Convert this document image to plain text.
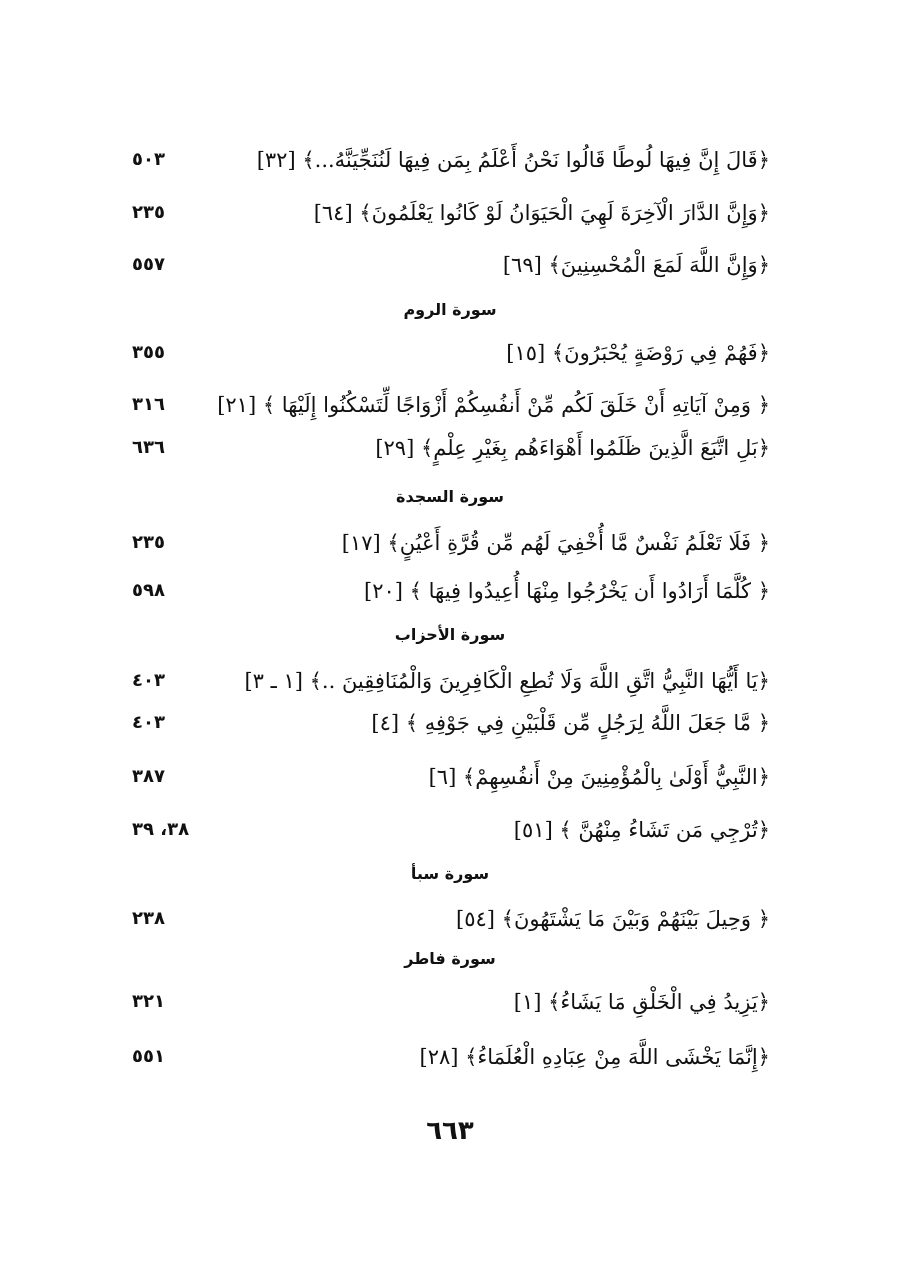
٦٦٣
﴿قَالَ إِنَّ فِيهَا لُوطًا قَالُوا نَحْنُ أَعْلَمُ بِمَن فِيهَا لَنُنَجِّيَنَّهُ...﴾ [٣٢]
٥٠٣
﴿وَإِنَّ الدَّارَ الْآخِرَةَ لَهِيَ الْحَيَوَانُ لَوْ كَانُوا يَعْلَمُونَ﴾ [٦٤]
٢٣٥
﴿وَإِنَّ اللَّهَ لَمَعَ الْمُحْسِنِينَ﴾ [٦٩]
٥٥٧
سورة الروم
﴿فَهُمْ فِي رَوْضَةٍ يُحْبَرُونَ﴾ [١٥]
٣٥٥
﴿ وَمِنْ آيَاتِهِ أَنْ خَلَقَ لَكُم مِّنْ أَنفُسِكُمْ أَزْوَاجًا لِّتَسْكُنُوا إِلَيْهَا ﴾ [٢١]
٣١٦
﴿بَلِ اتَّبَعَ الَّذِينَ ظَلَمُوا أَهْوَاءَهُم بِغَيْرِ عِلْمٍ﴾ [٢٩]
٦٣٦
سورة السجدة
﴿ فَلَا تَعْلَمُ نَفْسٌ مَّا أُخْفِيَ لَهُم مِّن قُرَّةِ أَعْيُنٍ﴾ [١٧]
٢٣٥
﴿ كُلَّمَا أَرَادُوا أَن يَخْرُجُوا مِنْهَا أُعِيدُوا فِيهَا ﴾ [٢٠]
٥٩٨
سورة الأحزاب
﴿يَا أَيُّهَا النَّبِيُّ اتَّقِ اللَّهَ وَلَا تُطِعِ الْكَافِرِينَ وَالْمُنَافِقِينَ ..﴾ [١ ـ ٣]
٤٠٣
﴿ مَّا جَعَلَ اللَّهُ لِرَجُلٍ مِّن قَلْبَيْنِ فِي جَوْفِهِ ﴾ [٤]
٤٠٣
﴿النَّبِيُّ أَوْلَىٰ بِالْمُؤْمِنِينَ مِنْ أَنفُسِهِمْ﴾ [٦]
٣٨٧
﴿تُرْجِي مَن تَشَاءُ مِنْهُنَّ ﴾ [٥١]
٣٨، ٣٩
سورة سبأ
﴿ وَحِيلَ بَيْنَهُمْ وَبَيْنَ مَا يَشْتَهُونَ﴾ [٥٤]
٢٣٨
سورة فاطر
﴿يَزِيدُ فِي الْخَلْقِ مَا يَشَاءُ﴾ [١]
٣٢١
﴿إِنَّمَا يَخْشَى اللَّهَ مِنْ عِبَادِهِ الْعُلَمَاءُ﴾ [٢٨]
٥٥١
